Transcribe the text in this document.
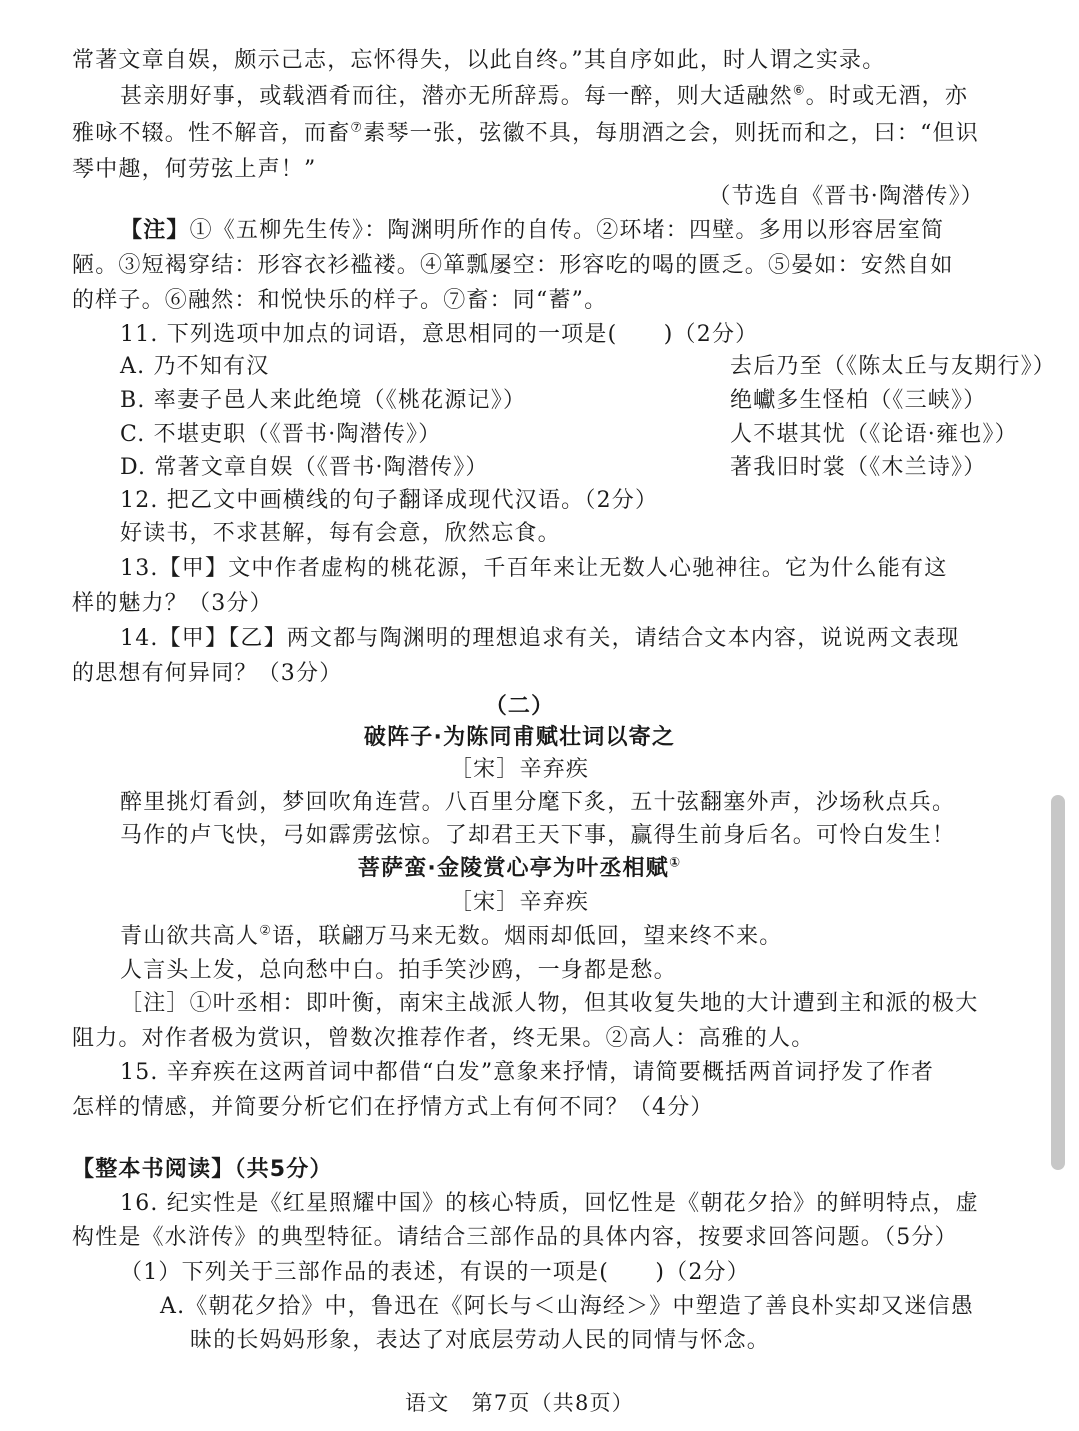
常著文章自娱，颇示己志，忘怀得失，以此自终。”其自序如此，时人谓之实录。
甚亲朋好事，或载酒肴而往，潜亦无所辞焉。每一醉，则大适融然⑥。时或无酒，亦
雅咏不辍。性不解音，而畜⑦素琴一张，弦徽不具，每朋酒之会，则抚而和之，曰：“但识
琴中趣，何劳弦上声！”
（节选自《晋书·陶潜传》）
【注】①《五柳先生传》：陶渊明所作的自传。②环堵：四壁。多用以形容居室简
陋。③短褐穿结：形容衣衫褴褛。④箪瓢屡空：形容吃的喝的匮乏。⑤晏如：安然自如
的样子。⑥融然：和悦快乐的样子。⑦畜：同“蓄”。
11. 下列选项中加点的词语，意思相同的一项是(　　)（2分）
A. 乃不知有汉	去后乃至（《陈太丘与友期行》）
B. 率妻子邑人来此绝境（《桃花源记》）	绝巘多生怪柏（《三峡》）
C. 不堪吏职（《晋书·陶潜传》）	人不堪其忧（《论语·雍也》）
D. 常著文章自娱（《晋书·陶潜传》）	著我旧时裳（《木兰诗》）
12. 把乙文中画横线的句子翻译成现代汉语。（2分）
好读书，不求甚解，每有会意，欣然忘食。
13.【甲】文中作者虚构的桃花源，千百年来让无数人心驰神往。它为什么能有这
样的魅力？（3分）
14.【甲】【乙】两文都与陶渊明的理想追求有关，请结合文本内容，说说两文表现
的思想有何异同？（3分）
（二）
破阵子·为陈同甫赋壮词以寄之
［宋］辛弃疾
醉里挑灯看剑，梦回吹角连营。八百里分麾下炙，五十弦翻塞外声，沙场秋点兵。
马作的卢飞快，弓如霹雳弦惊。了却君王天下事，赢得生前身后名。可怜白发生！
菩萨蛮·金陵赏心亭为叶丞相赋①
［宋］辛弃疾
青山欲共高人②语，联翩万马来无数。烟雨却低回，望来终不来。
人言头上发，总向愁中白。拍手笑沙鸥，一身都是愁。
［注］①叶丞相：即叶衡，南宋主战派人物，但其收复失地的大计遭到主和派的极大
阻力。对作者极为赏识，曾数次推荐作者，终无果。②高人：高雅的人。
15. 辛弃疾在这两首词中都借“白发”意象来抒情，请简要概括两首词抒发了作者
怎样的情感，并简要分析它们在抒情方式上有何不同？（4分）
【整本书阅读】（共5分）
16. 纪实性是《红星照耀中国》的核心特质，回忆性是《朝花夕拾》的鲜明特点，虚
构性是《水浒传》的典型特征。请结合三部作品的具体内容，按要求回答问题。（5分）
（1）下列关于三部作品的表述，有误的一项是(　　)（2分）
A.《朝花夕拾》中，鲁迅在《阿长与＜山海经＞》中塑造了善良朴实却又迷信愚
昧的长妈妈形象，表达了对底层劳动人民的同情与怀念。
语文　第7页（共8页）
